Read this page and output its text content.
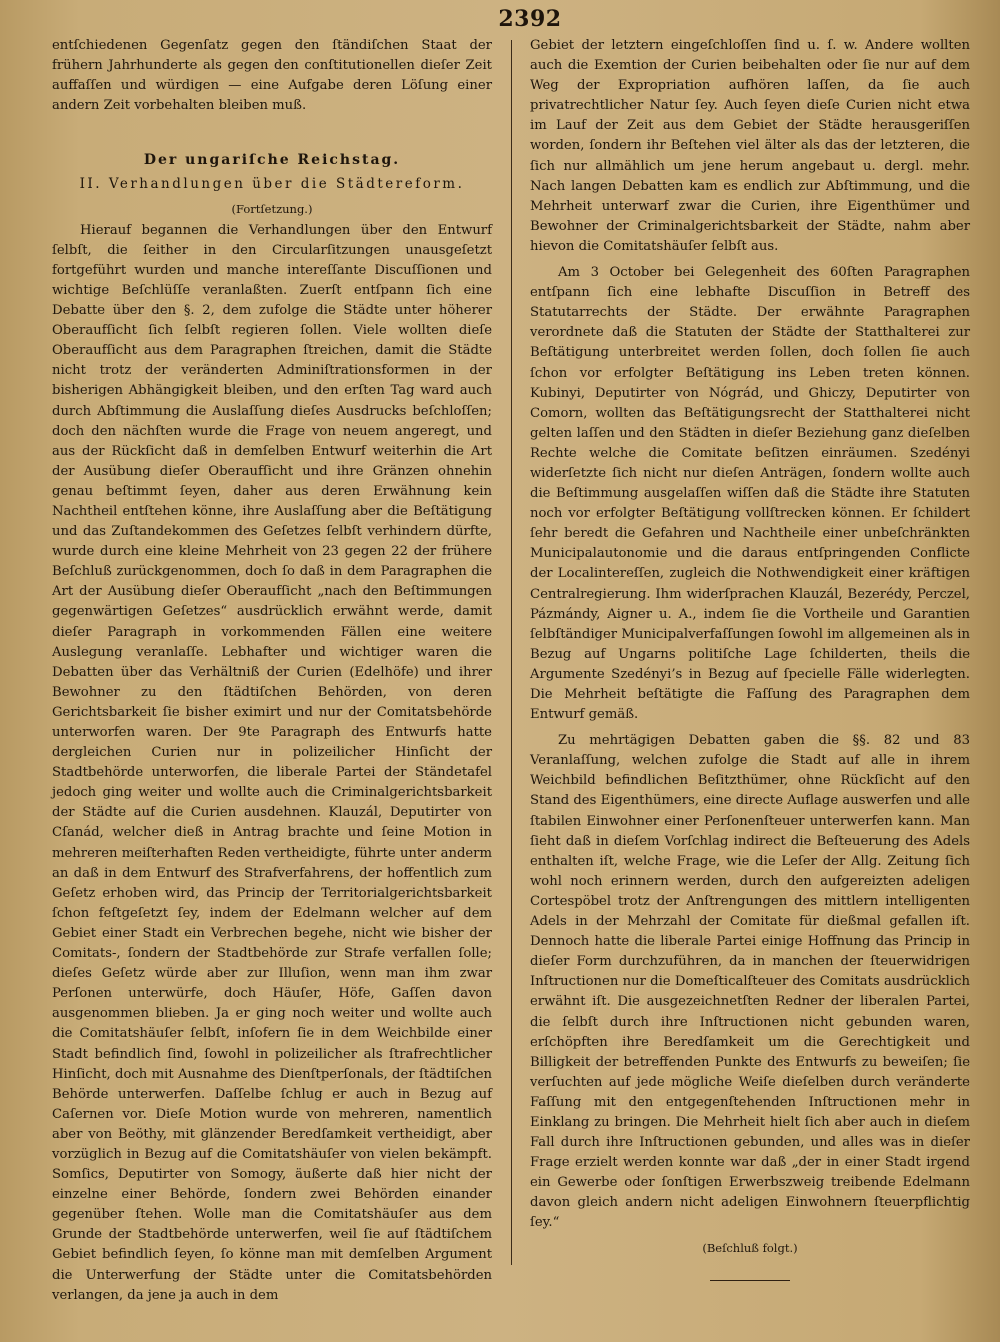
2392

entſchiedenen Gegenſatz gegen den ſtändiſchen Staat der frühern Jahrhunderte als gegen den conſtitutionellen dieſer Zeit auffaſſen und würdigen — eine Aufgabe deren Löſung einer andern Zeit vorbehalten bleiben muß.

Der ungariſche Reichstag.

II. Verhandlungen über die Städtereform.

(Fortſetzung.)

Hierauf begannen die Verhandlungen über den Entwurf ſelbſt, die ſeither in den Circularſitzungen unausgeſetzt fortgeführt wurden und manche intereſſante Discuſſionen und wichtige Beſchlüſſe veranlaßten. Zuerſt entſpann ſich eine Debatte über den §. 2, dem zufolge die Städte unter höherer Oberaufſicht ſich ſelbſt regieren ſollen. Viele wollten dieſe Oberaufſicht aus dem Paragraphen ſtreichen, damit die Städte nicht trotz der veränderten Adminiſtrationsformen in der bisherigen Abhängigkeit bleiben, und den erſten Tag ward auch durch Abſtimmung die Auslaſſung dieſes Ausdrucks beſchloſſen; doch den nächſten wurde die Frage von neuem angeregt, und aus der Rückſicht daß in demſelben Entwurf weiterhin die Art der Ausübung dieſer Oberaufſicht und ihre Gränzen ohnehin genau beſtimmt ſeyen, daher aus deren Erwähnung kein Nachtheil entſtehen könne, ihre Auslaſſung aber die Beſtätigung und das Zuſtandekommen des Geſetzes ſelbſt verhindern dürfte, wurde durch eine kleine Mehrheit von 23 gegen 22 der frühere Beſchluß zurückgenommen, doch ſo daß in dem Paragraphen die Art der Ausübung dieſer Oberaufſicht „nach den Beſtimmungen gegenwärtigen Geſetzes“ ausdrücklich erwähnt werde, damit dieſer Paragraph in vorkommenden Fällen eine weitere Auslegung veranlaſſe. Lebhafter und wichtiger waren die Debatten über das Verhältniß der Curien (Edelhöfe) und ihrer Bewohner zu den ſtädtiſchen Behörden, von deren Gerichtsbarkeit ſie bisher eximirt und nur der Comitatsbehörde unterworfen waren. Der 9te Paragraph des Entwurfs hatte dergleichen Curien nur in polizeilicher Hinſicht der Stadtbehörde unterworfen, die liberale Partei der Ständetafel jedoch ging weiter und wollte auch die Criminalgerichtsbarkeit der Städte auf die Curien ausdehnen. Klauzál, Deputirter von Cſanád, welcher dieß in Antrag brachte und ſeine Motion in mehreren meiſterhaften Reden vertheidigte, führte unter anderm an daß in dem Entwurf des Strafverfahrens, der hoffentlich zum Geſetz erhoben wird, das Princip der Territorialgerichtsbarkeit ſchon feſtgeſetzt ſey, indem der Edelmann welcher auf dem Gebiet einer Stadt ein Verbrechen begehe, nicht wie bisher der Comitats-, ſondern der Stadtbehörde zur Strafe verfallen ſolle; dieſes Geſetz würde aber zur Illuſion, wenn man ihm zwar Perſonen unterwürfe, doch Häuſer, Höfe, Gaſſen davon ausgenommen blieben. Ja er ging noch weiter und wollte auch die Comitatshäuſer ſelbſt, inſofern ſie in dem Weichbilde einer Stadt befindlich ſind, ſowohl in polizeilicher als ſtrafrechtlicher Hinſicht, doch mit Ausnahme des Dienſtperſonals, der ſtädtiſchen Behörde unterwerfen. Daſſelbe ſchlug er auch in Bezug auf Caſernen vor. Dieſe Motion wurde von mehreren, namentlich aber von Beöthy, mit glänzender Beredſamkeit vertheidigt, aber vorzüglich in Bezug auf die Comitatshäuſer von vielen bekämpft. Somſics, Deputirter von Somogy, äußerte daß hier nicht der einzelne einer Behörde, ſondern zwei Behörden einander gegenüber ſtehen. Wolle man die Comitatshäuſer aus dem Grunde der Stadtbehörde unterwerfen, weil ſie auf ſtädtiſchem Gebiet befindlich ſeyen, ſo könne man mit demſelben Argument die Unterwerfung der Städte unter die Comitatsbehörden verlangen, da jene ja auch in dem

Gebiet der letztern eingeſchloſſen ſind u. ſ. w. Andere wollten auch die Exemtion der Curien beibehalten oder ſie nur auf dem Weg der Expropriation aufhören laſſen, da ſie auch privatrechtlicher Natur ſey. Auch ſeyen dieſe Curien nicht etwa im Lauf der Zeit aus dem Gebiet der Städte herausgeriſſen worden, ſondern ihr Beſtehen viel älter als das der letzteren, die ſich nur allmählich um jene herum angebaut u. dergl. mehr. Nach langen Debatten kam es endlich zur Abſtimmung, und die Mehrheit unterwarf zwar die Curien, ihre Eigenthümer und Bewohner der Criminalgerichtsbarkeit der Städte, nahm aber hievon die Comitatshäuſer ſelbſt aus.

Am 3 October bei Gelegenheit des 60ſten Paragraphen entſpann ſich eine lebhafte Discuſſion in Betreff des Statutarrechts der Städte. Der erwähnte Paragraphen verordnete daß die Statuten der Städte der Statthalterei zur Beſtätigung unterbreitet werden ſollen, doch ſollen ſie auch ſchon vor erfolgter Beſtätigung ins Leben treten können. Kubinyi, Deputirter von Nógrád, und Ghiczy, Deputirter von Comorn, wollten das Beſtätigungsrecht der Statthalterei nicht gelten laſſen und den Städten in dieſer Beziehung ganz dieſelben Rechte welche die Comitate beſitzen einräumen. Szedényi widerſetzte ſich nicht nur dieſen Anträgen, ſondern wollte auch die Beſtimmung ausgelaſſen wiſſen daß die Städte ihre Statuten noch vor erfolgter Beſtätigung vollſtrecken können. Er ſchildert ſehr beredt die Gefahren und Nachtheile einer unbeſchränkten Municipalautonomie und die daraus entſpringenden Conflicte der Localintereſſen, zugleich die Nothwendigkeit einer kräftigen Centralregierung. Ihm widerſprachen Klauzál, Bezerédy, Perczel, Pázmándy, Aigner u. A., indem ſie die Vortheile und Garantien ſelbſtändiger Municipalverfaſſungen ſowohl im allgemeinen als in Bezug auf Ungarns politiſche Lage ſchilderten, theils die Argumente Szedényi’s in Bezug auf ſpecielle Fälle widerlegten. Die Mehrheit beſtätigte die Faſſung des Paragraphen dem Entwurf gemäß.

Zu mehrtägigen Debatten gaben die §§. 82 und 83 Veranlaſſung, welchen zufolge die Stadt auf alle in ihrem Weichbild befindlichen Beſitzthümer, ohne Rückſicht auf den Stand des Eigenthümers, eine directe Auflage auswerfen und alle ſtabilen Einwohner einer Perſonenſteuer unterwerfen kann. Man ſieht daß in dieſem Vorſchlag indirect die Beſteuerung des Adels enthalten iſt, welche Frage, wie die Leſer der Allg. Zeitung ſich wohl noch erinnern werden, durch den aufgereizten adeligen Cortespöbel trotz der Anſtrengungen des mittlern intelligenten Adels in der Mehrzahl der Comitate für dießmal gefallen iſt. Dennoch hatte die liberale Partei einige Hoffnung das Princip in dieſer Form durchzuführen, da in manchen der ſteuerwidrigen Inſtructionen nur die Domeſticalſteuer des Comitats ausdrücklich erwähnt iſt. Die ausgezeichnetſten Redner der liberalen Partei, die ſelbſt durch ihre Inſtructionen nicht gebunden waren, erſchöpften ihre Beredſamkeit um die Gerechtigkeit und Billigkeit der betreffenden Punkte des Entwurfs zu beweiſen; ſie verſuchten auf jede mögliche Weiſe dieſelben durch veränderte Faſſung mit den entgegenſtehenden Inſtructionen mehr in Einklang zu bringen. Die Mehrheit hielt ſich aber auch in dieſem Fall durch ihre Inſtructionen gebunden, und alles was in dieſer Frage erzielt werden konnte war daß „der in einer Stadt irgend ein Gewerbe oder ſonſtigen Erwerbszweig treibende Edelmann davon gleich andern nicht adeligen Einwohnern ſteuerpflichtig ſey.“

(Beſchluß folgt.)
